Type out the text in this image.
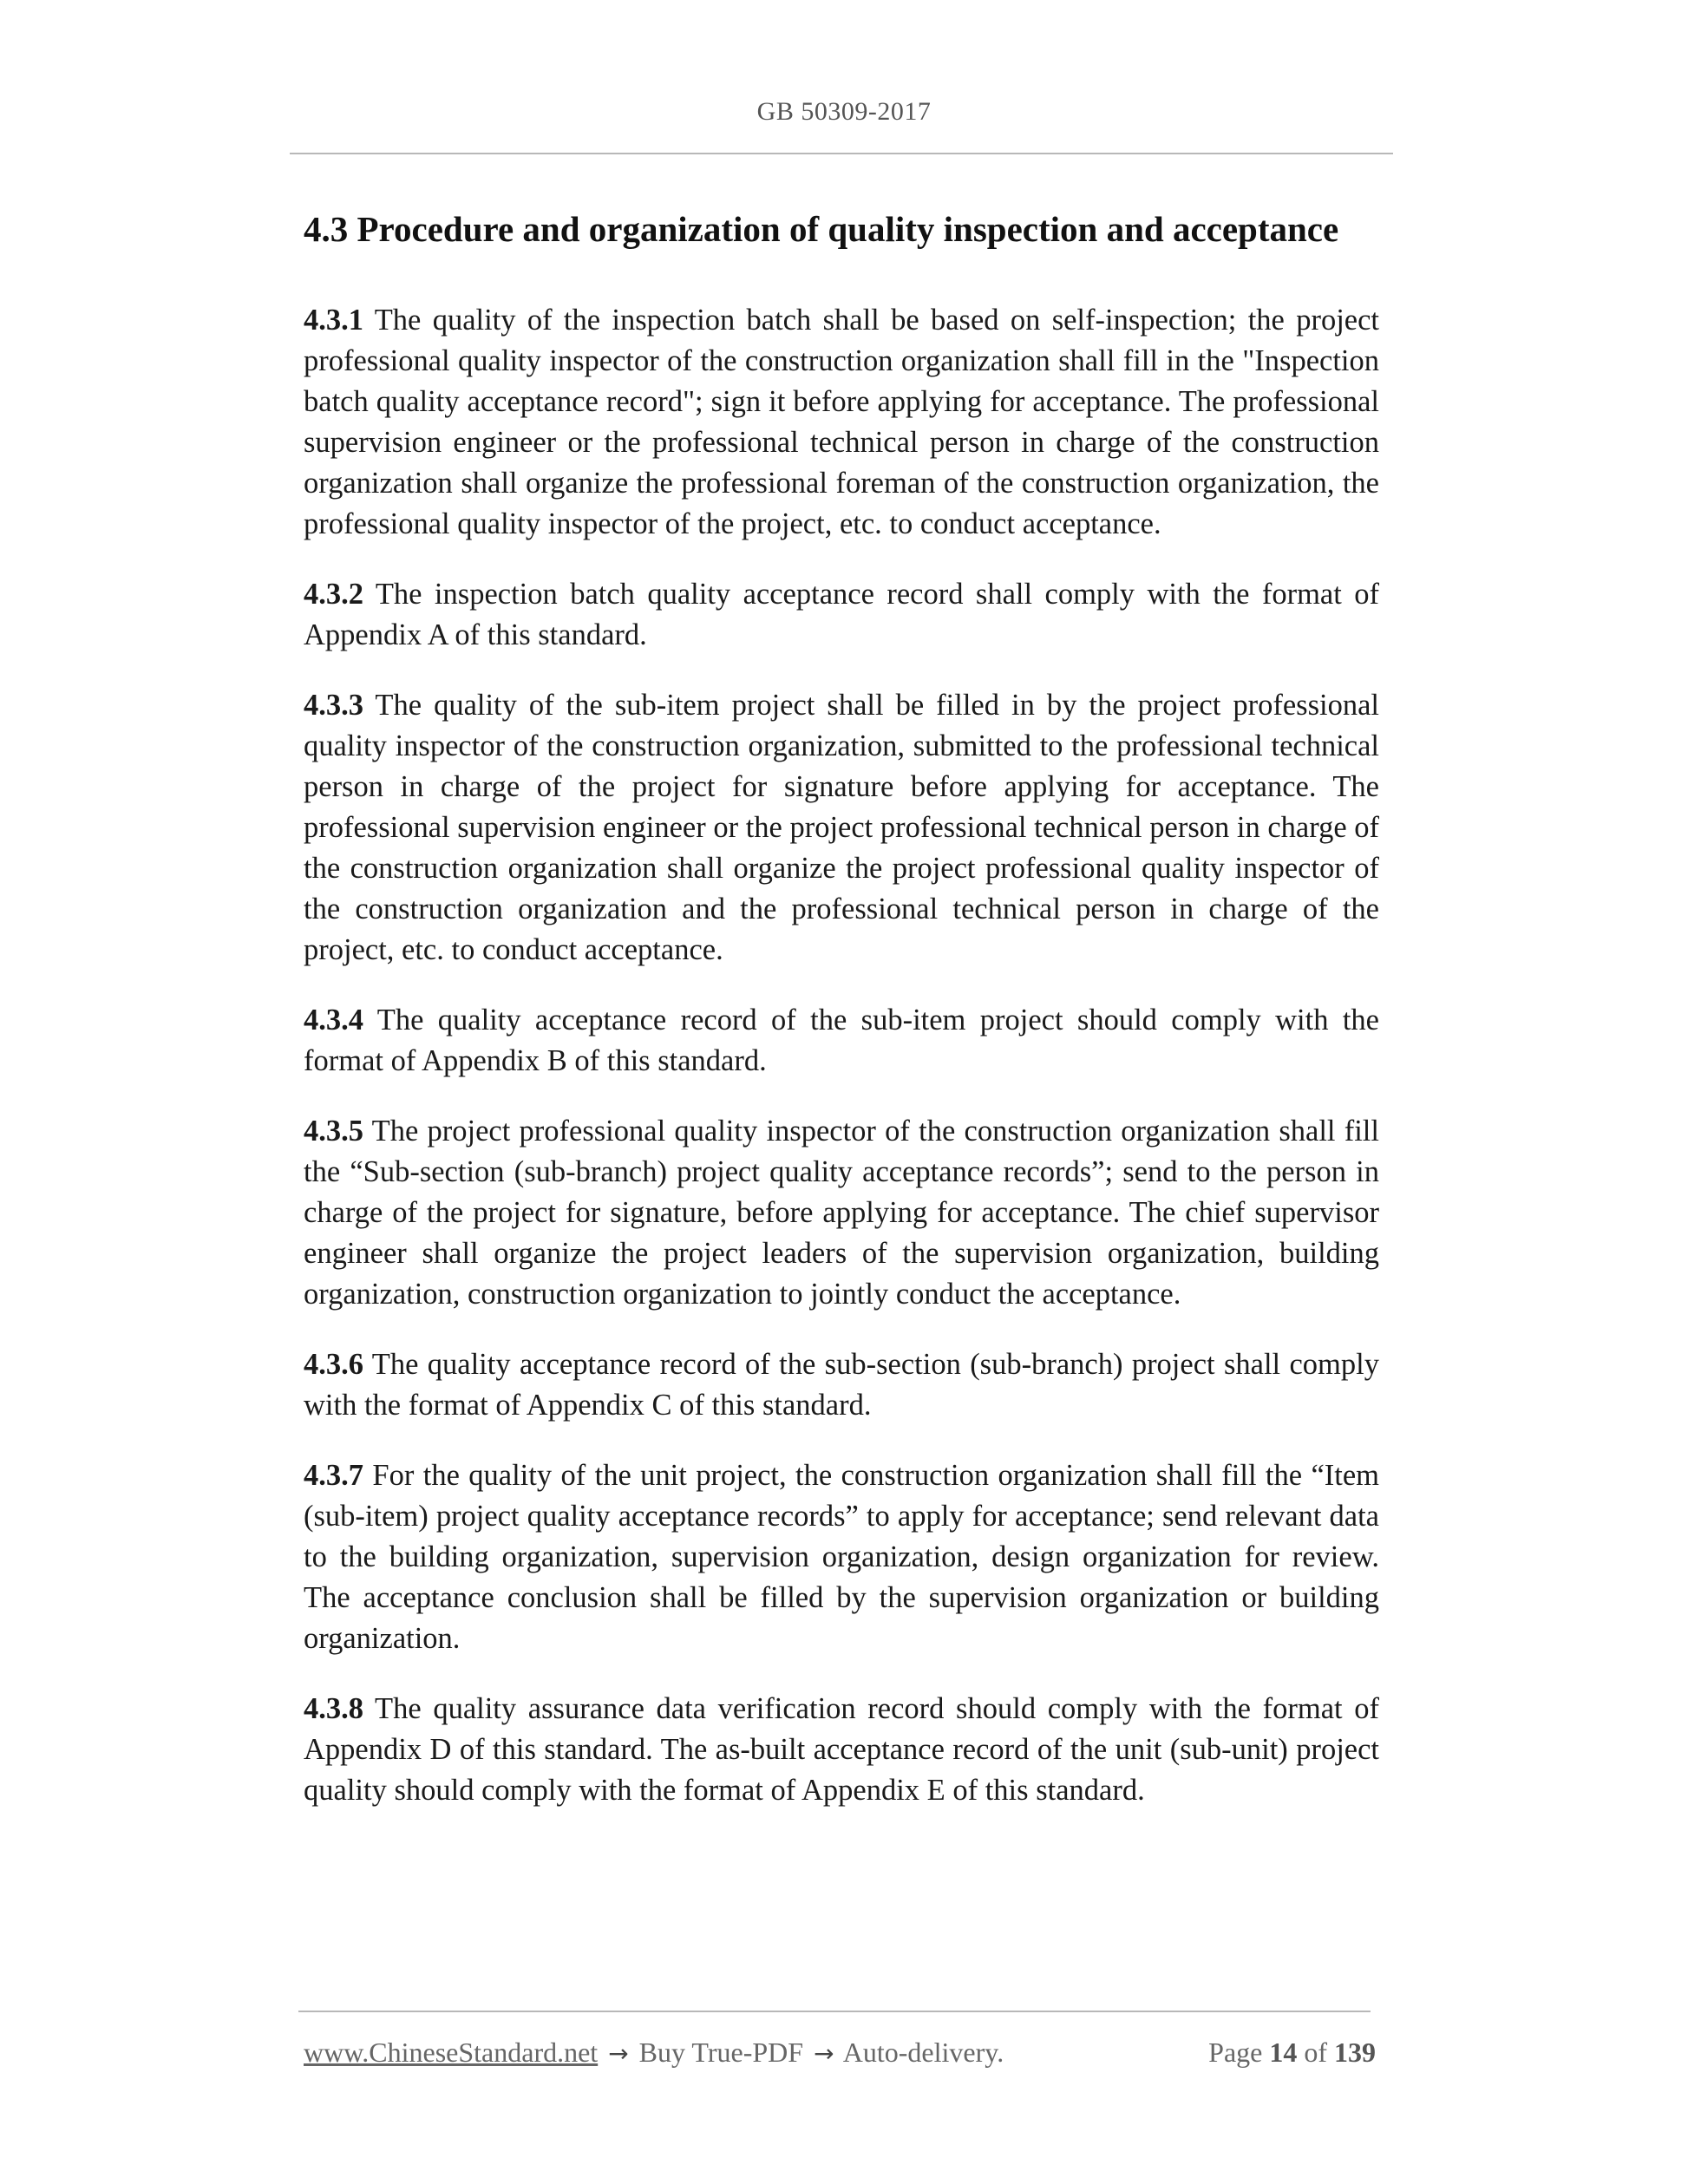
GB 50309-2017
4.3 Procedure and organization of quality inspection and acceptance

4.3.1 The quality of the inspection batch shall be based on self-inspection; the project professional quality inspector of the construction organization shall fill in the "Inspection batch quality acceptance record"; sign it before applying for acceptance. The professional supervision engineer or the professional technical person in charge of the construction organization shall organize the professional foreman of the construction organization, the professional quality inspector of the project, etc. to conduct acceptance.

4.3.2 The inspection batch quality acceptance record shall comply with the format of Appendix A of this standard.

4.3.3 The quality of the sub-item project shall be filled in by the project professional quality inspector of the construction organization, submitted to the professional technical person in charge of the project for signature before applying for acceptance. The professional supervision engineer or the project professional technical person in charge of the construction organization shall organize the project professional quality inspector of the construction organization and the professional technical person in charge of the project, etc. to conduct acceptance.

4.3.4 The quality acceptance record of the sub-item project should comply with the format of Appendix B of this standard.

4.3.5 The project professional quality inspector of the construction organization shall fill the “Sub-section (sub-branch) project quality acceptance records”; send to the person in charge of the project for signature, before applying for acceptance. The chief supervisor engineer shall organize the project leaders of the supervision organization, building organization, construction organization to jointly conduct the acceptance.

4.3.6 The quality acceptance record of the sub-section (sub-branch) project shall comply with the format of Appendix C of this standard.

4.3.7 For the quality of the unit project, the construction organization shall fill the “Item (sub-item) project quality acceptance records” to apply for acceptance; send relevant data to the building organization, supervision organization, design organization for review. The acceptance conclusion shall be filled by the supervision organization or building organization.

4.3.8 The quality assurance data verification record should comply with the format of Appendix D of this standard. The as-built acceptance record of the unit (sub-unit) project quality should comply with the format of Appendix E of this standard.

www.ChineseStandard.net → Buy True-PDF → Auto-delivery.	Page 14 of 139
